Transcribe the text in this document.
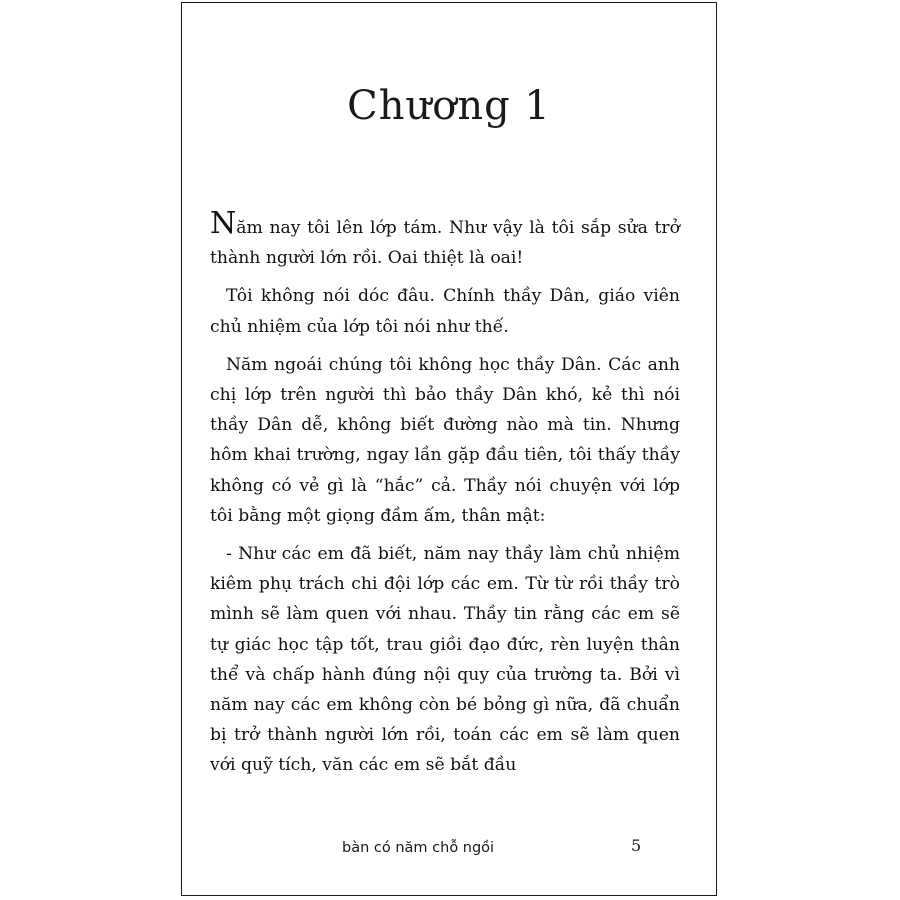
Chương 1

Năm nay tôi lên lớp tám. Như vậy là tôi sắp sửa trở thành người lớn rồi. Oai thiệt là oai!

Tôi không nói dóc đâu. Chính thầy Dân, giáo viên chủ nhiệm của lớp tôi nói như thế.

Năm ngoái chúng tôi không học thầy Dân. Các anh chị lớp trên người thì bảo thầy Dân khó, kẻ thì nói thầy Dân dễ, không biết đường nào mà tin. Nhưng hôm khai trường, ngay lần gặp đầu tiên, tôi thấy thầy không có vẻ gì là “hắc” cả. Thầy nói chuyện với lớp tôi bằng một giọng đầm ấm, thân mật:

- Như các em đã biết, năm nay thầy làm chủ nhiệm kiêm phụ trách chi đội lớp các em. Từ từ rồi thầy trò mình sẽ làm quen với nhau. Thầy tin rằng các em sẽ tự giác học tập tốt, trau giồi đạo đức, rèn luyện thân thể và chấp hành đúng nội quy của trường ta. Bởi vì năm nay các em không còn bé bỏng gì nữa, đã chuẩn bị trở thành người lớn rồi, toán các em sẽ làm quen với quỹ tích, văn các em sẽ bắt đầu

bàn có năm chỗ ngồi	5
